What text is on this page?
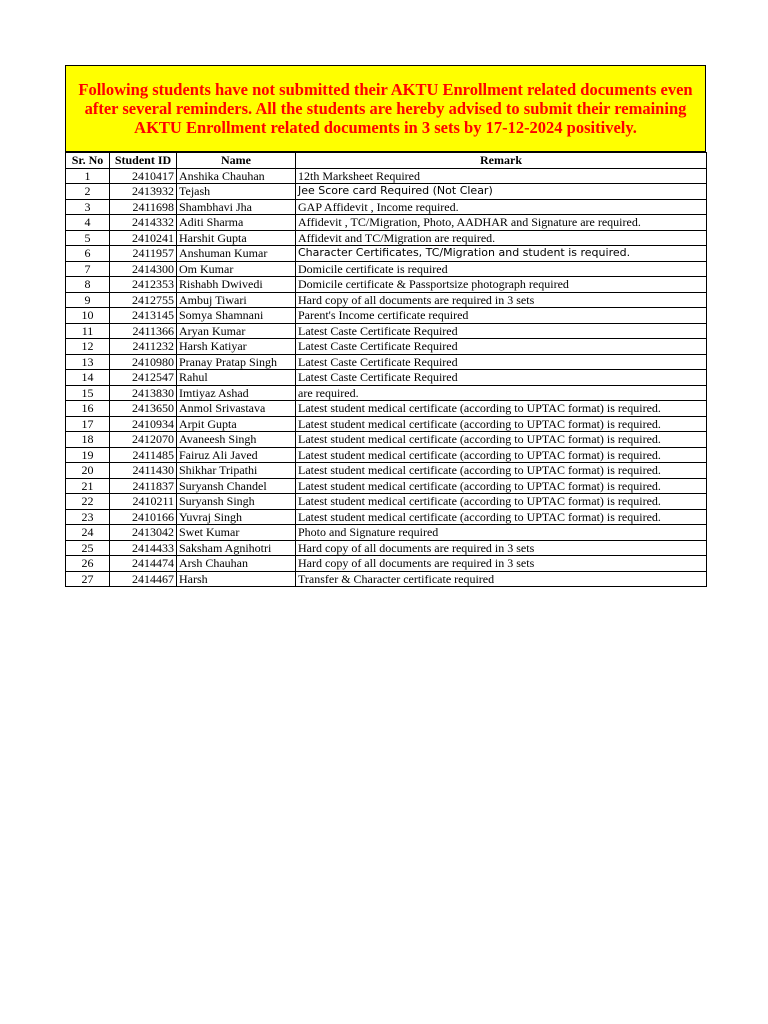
Following students have not submitted their AKTU Enrollment related documents even after several reminders. All the students are hereby advised to submit their remaining AKTU Enrollment related documents in 3 sets by 17-12-2024 positively.
Sr. No	Student ID	Name	Remark
1	2410417	Anshika Chauhan	12th Marksheet Required
2	2413932	Tejash	Jee Score card Required (Not Clear)
3	2411698	Shambhavi Jha	GAP Affidevit , Income required.
4	2414332	Aditi Sharma	Affidevit , TC/Migration, Photo, AADHAR and Signature are required.
5	2410241	Harshit Gupta	Affidevit and TC/Migration are required.
6	2411957	Anshuman Kumar	Character Certificates, TC/Migration and student is required.
7	2414300	Om Kumar	Domicile certificate is required
8	2412353	Rishabh Dwivedi	Domicile certificate & Passportsize photograph required
9	2412755	Ambuj Tiwari	Hard copy of all documents are required in 3 sets
10	2413145	Somya Shamnani	Parent's Income certificate required
11	2411366	Aryan Kumar	Latest Caste Certificate Required
12	2411232	Harsh Katiyar	Latest Caste Certificate Required
13	2410980	Pranay Pratap Singh	Latest Caste Certificate Required
14	2412547	Rahul	Latest Caste Certificate Required
15	2413830	Imtiyaz Ashad	are required.
16	2413650	Anmol Srivastava	Latest student medical certificate (according to UPTAC format) is required.
17	2410934	Arpit Gupta	Latest student medical certificate (according to UPTAC format) is required.
18	2412070	Avaneesh Singh	Latest student medical certificate (according to UPTAC format) is required.
19	2411485	Fairuz Ali Javed	Latest student medical certificate (according to UPTAC format) is required.
20	2411430	Shikhar Tripathi	Latest student medical certificate (according to UPTAC format) is required.
21	2411837	Suryansh Chandel	Latest student medical certificate (according to UPTAC format) is required.
22	2410211	Suryansh Singh	Latest student medical certificate (according to UPTAC format) is required.
23	2410166	Yuvraj Singh	Latest student medical certificate (according to UPTAC format) is required.
24	2413042	Swet Kumar	Photo and Signature required
25	2414433	Saksham Agnihotri	Hard copy of all documents are required in 3 sets
26	2414474	Arsh Chauhan	Hard copy of all documents are required in 3 sets
27	2414467	Harsh	Transfer & Character certificate required
